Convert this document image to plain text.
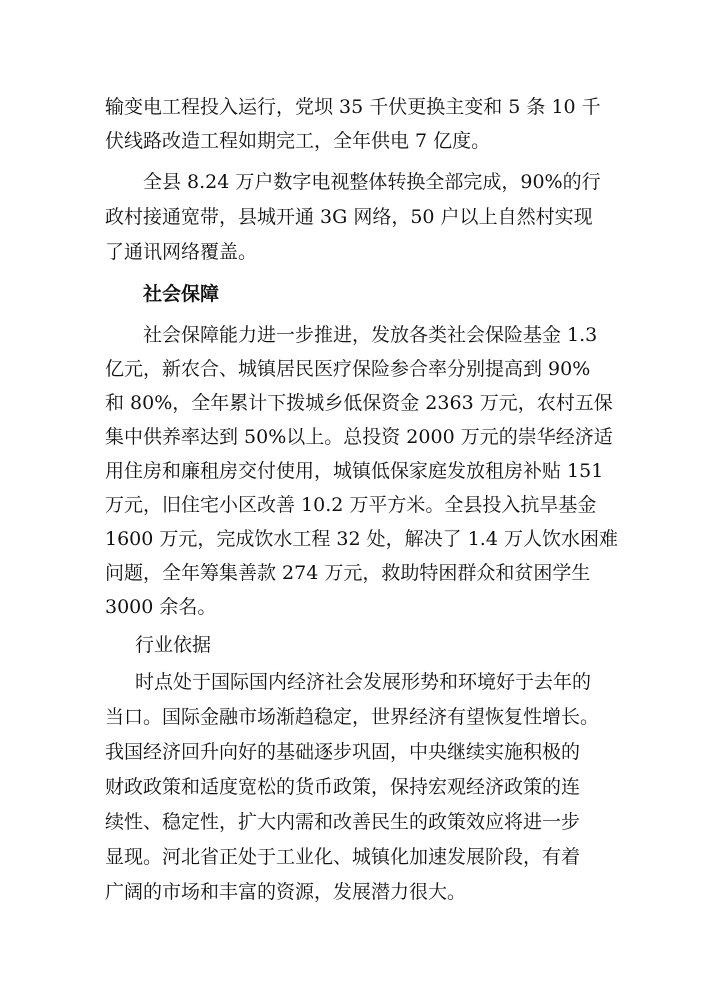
输变电工程投入运行，党坝 35 千伏更换主变和 5 条 10 千
伏线路改造工程如期完工，全年供电 7 亿度。
全县 8.24 万户数字电视整体转换全部完成，90%的行
政村接通宽带，县城开通 3G 网络，50 户以上自然村实现
了通讯网络覆盖。
社会保障
社会保障能力进一步推进，发放各类社会保险基金 1.3
亿元，新农合、城镇居民医疗保险参合率分别提高到 90%
和 80%，全年累计下拨城乡低保资金 2363 万元，农村五保
集中供养率达到 50%以上。总投资 2000 万元的崇华经济适
用住房和廉租房交付使用，城镇低保家庭发放租房补贴 151
万元，旧住宅小区改善 10.2 万平方米。全县投入抗旱基金
1600 万元，完成饮水工程 32 处，解决了 1.4 万人饮水困难
问题，全年筹集善款 274 万元，救助特困群众和贫困学生
3000 余名。
行业依据
时点处于国际国内经济社会发展形势和环境好于去年的
当口。国际金融市场渐趋稳定，世界经济有望恢复性增长。
我国经济回升向好的基础逐步巩固，中央继续实施积极的
财政政策和适度宽松的货币政策，保持宏观经济政策的连
续性、稳定性，扩大内需和改善民生的政策效应将进一步
显现。河北省正处于工业化、城镇化加速发展阶段，有着
广阔的市场和丰富的资源，发展潜力很大。
